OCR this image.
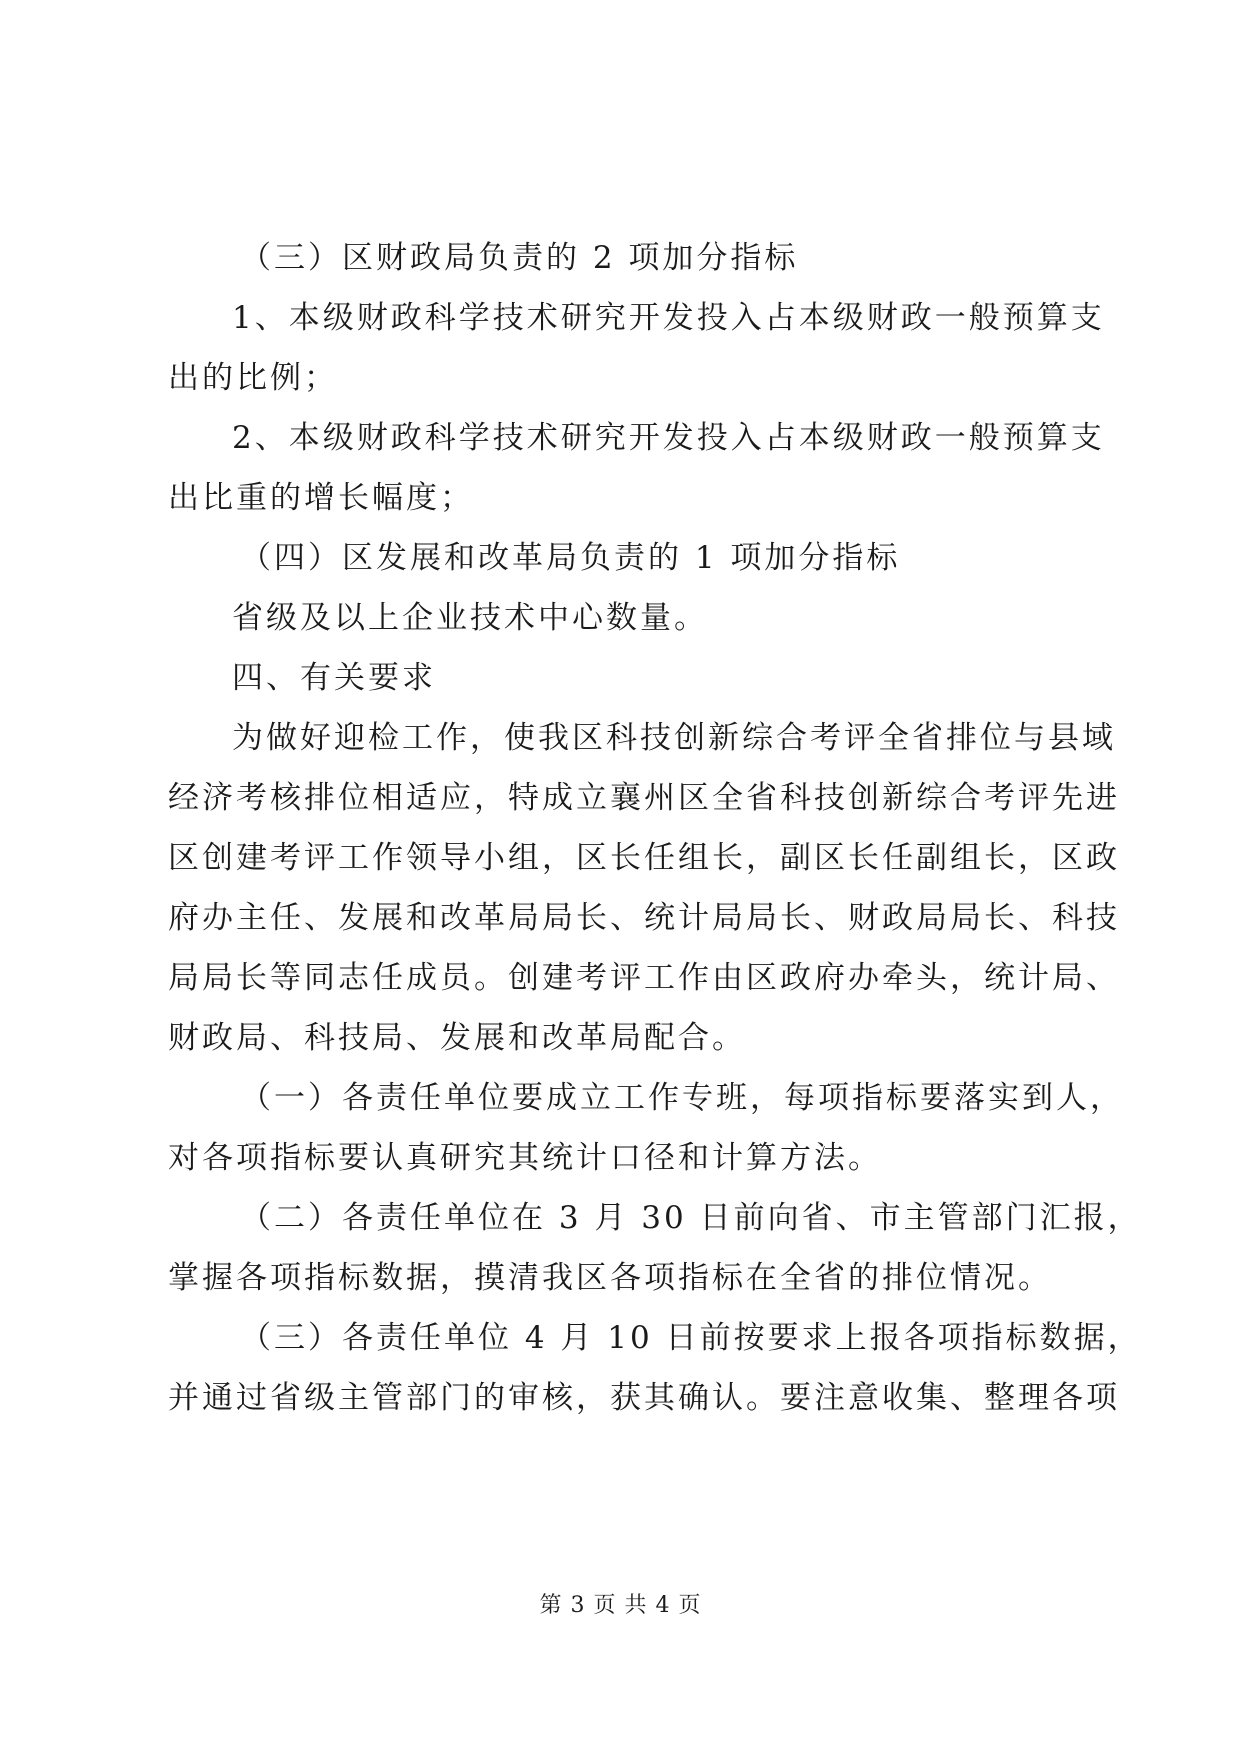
（三）区财政局负责的 2 项加分指标
1、本级财政科学技术研究开发投入占本级财政一般预算支
出的比例；
2、本级财政科学技术研究开发投入占本级财政一般预算支
出比重的增长幅度；
（四）区发展和改革局负责的 1 项加分指标
省级及以上企业技术中心数量。
四、有关要求
为做好迎检工作，使我区科技创新综合考评全省排位与县域
经济考核排位相适应，特成立襄州区全省科技创新综合考评先进
区创建考评工作领导小组，区长任组长，副区长任副组长，区政
府办主任、发展和改革局局长、统计局局长、财政局局长、科技
局局长等同志任成员。创建考评工作由区政府办牵头，统计局、
财政局、科技局、发展和改革局配合。
（一）各责任单位要成立工作专班，每项指标要落实到人，
对各项指标要认真研究其统计口径和计算方法。
（二）各责任单位在 3 月 30 日前向省、市主管部门汇报，
掌握各项指标数据，摸清我区各项指标在全省的排位情况。
（三）各责任单位 4 月 10 日前按要求上报各项指标数据，
并通过省级主管部门的审核，获其确认。要注意收集、整理各项
第 3 页 共 4 页
